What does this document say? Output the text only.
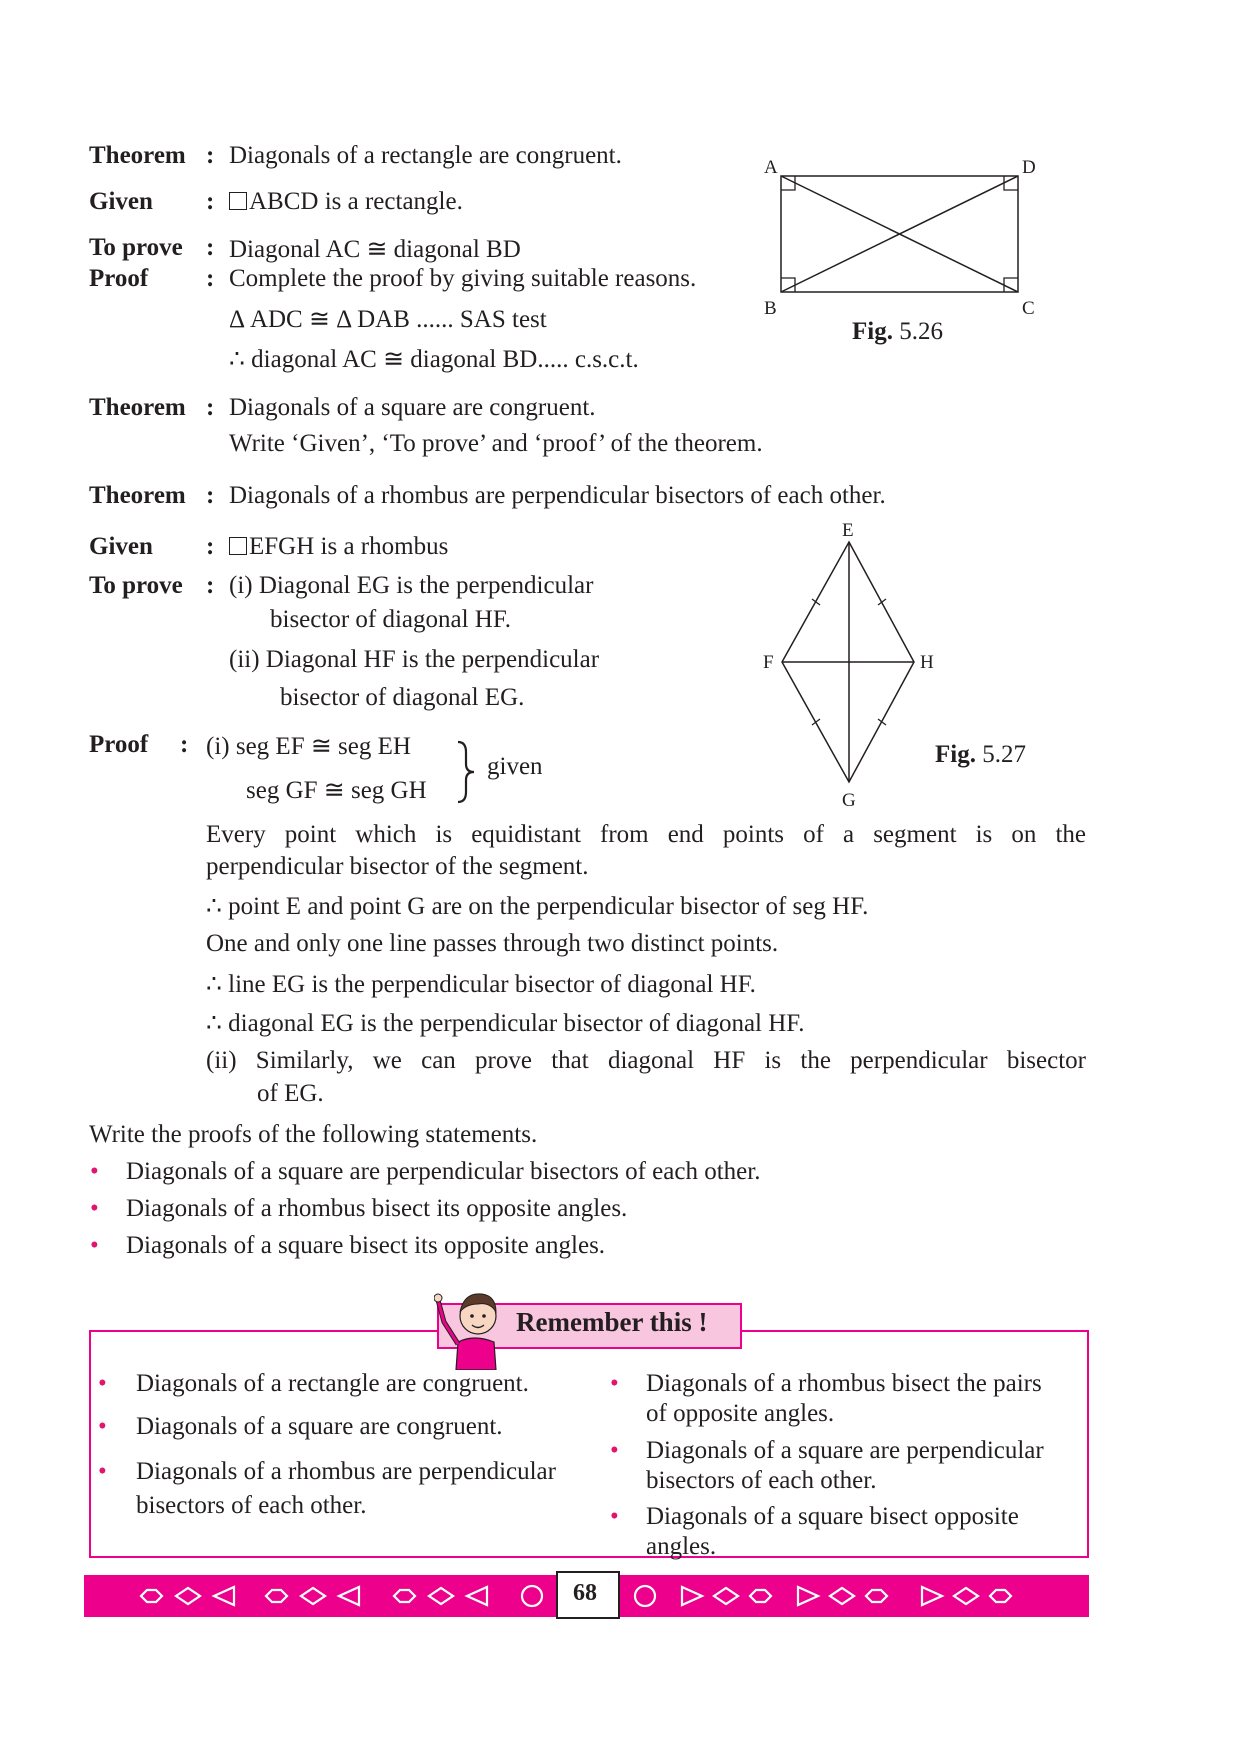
Theorem : Diagonals of a rectangle are congruent.
Given :	ABCD is a rectangle.
To prove : Diagonal AC ≅ diagonal BD
Proof : Complete the proof by giving suitable reasons.
Δ ADC ≅ Δ DAB ...... SAS test
∴ diagonal AC ≅ diagonal BD..... c.s.c.t.
A	D
B	C
Fig. 5.26
Theorem : Diagonals of a square are congruent.
Write ‘Given’, ‘To prove’ and ‘proof’ of the theorem.
Theorem : Diagonals of a rhombus are perpendicular bisectors of each other.
Given :	EFGH is a rhombus
To prove : (i) Diagonal EG is the perpendicular
bisector of diagonal HF.
(ii) Diagonal HF is the perpendicular
bisector of diagonal EG.
Proof : (i) seg EF ≅ seg EH
seg GF ≅ seg GH
given
Every point which is equidistant from end points of a segment is on the
perpendicular bisector of the segment.
∴ point E and point G are on the perpendicular bisector of seg HF.
One and only one line passes through two distinct points.
∴ line EG is the perpendicular bisector of diagonal HF.
∴ diagonal EG is the perpendicular bisector of diagonal HF.
(ii) Similarly, we can prove that diagonal HF is the perpendicular bisector
of EG.
E
F	H
G
Fig. 5.27
Write the proofs of the following statements.
• Diagonals of a square are perpendicular bisectors of each other.
• Diagonals of a rhombus bisect its opposite angles.
• Diagonals of a square bisect its opposite angles.
Remember this !
• Diagonals of a rectangle are congruent.
• Diagonals of a square are congruent.
• Diagonals of a rhombus are perpendicular
bisectors of each other.
• Diagonals of a rhombus bisect the pairs
of opposite angles.
• Diagonals of a square are perpendicular
bisectors of each other.
• Diagonals of a square bisect opposite
angles.
68
